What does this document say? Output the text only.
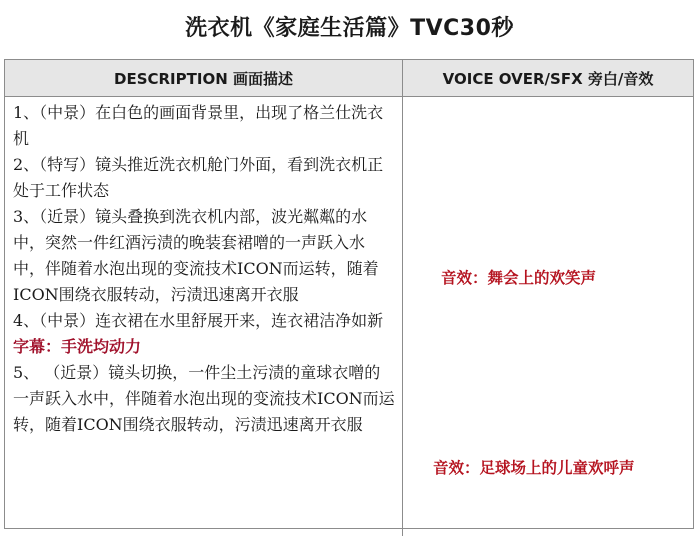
洗衣机《家庭生活篇》TVC30秒
DESCRIPTION 画面描述	VOICE OVER/SFX 旁白/音效

1、（中景）在白色的画面背景里，出现了格兰仕洗衣机

2、（特写）镜头推近洗衣机舱门外面，看到洗衣机正处于工作状态

3、（近景）镜头叠换到洗衣机内部，波光粼粼的水中，突然一件红酒污渍的晚装套裙噌的一声跃入水中，伴随着水泡出现的变流技术ICON而运转，随着ICON围绕衣服转动，污渍迅速离开衣服

4、（中景）连衣裙在水里舒展开来，连衣裙洁净如新

字幕：手洗均动力

5、 （近景）镜头切换，一件尘土污渍的童球衣噌的一声跃入水中，伴随着水泡出现的变流技术ICON而运转，随着ICON围绕衣服转动，污渍迅速离开衣服

音效：舞会上的欢笑声
音效：足球场上的儿童欢呼声
